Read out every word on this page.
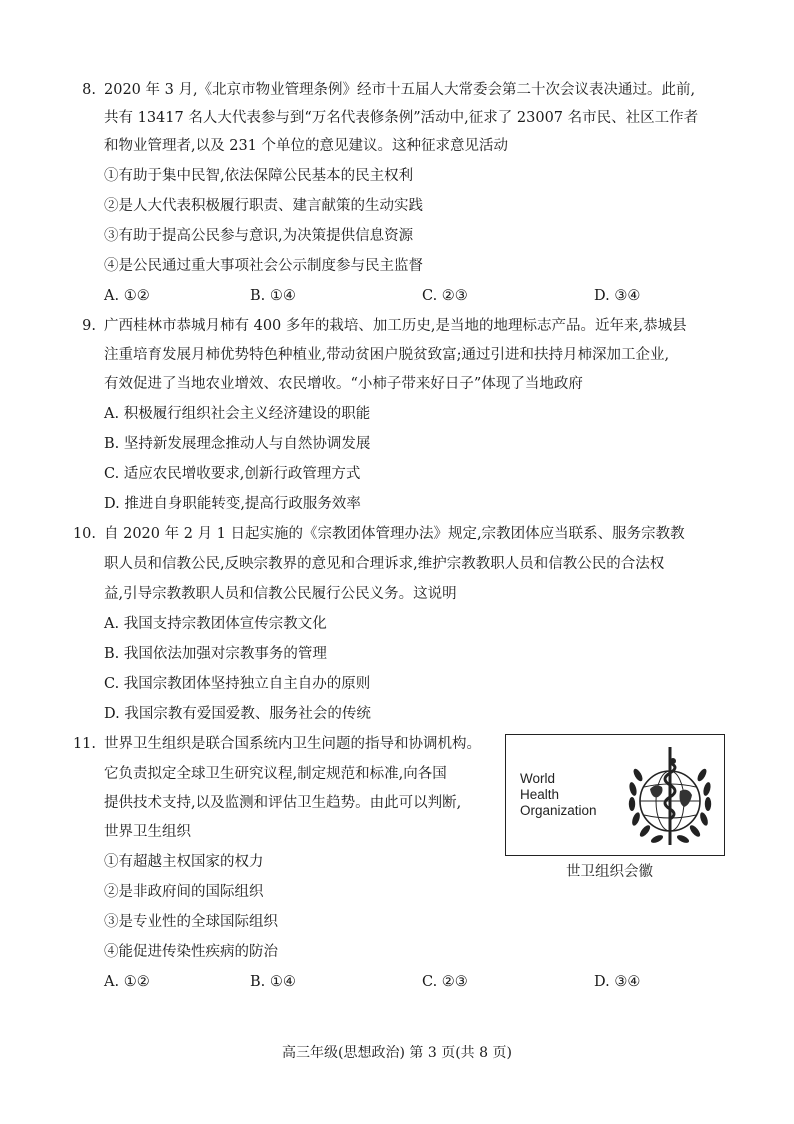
8. 2020 年 3 月,《北京市物业管理条例》经市十五届人大常委会第二十次会议表决通过。此前,
共有 13417 名人大代表参与到“万名代表修条例”活动中,征求了 23007 名市民、社区工作者
和物业管理者,以及 231 个单位的意见建议。这种征求意见活动
①有助于集中民智,依法保障公民基本的民主权利
②是人大代表积极履行职责、建言献策的生动实践
③有助于提高公民参与意识,为决策提供信息资源
④是公民通过重大事项社会公示制度参与民主监督
A. ①②	B. ①④	C. ②③	D. ③④
9. 广西桂林市恭城月柿有 400 多年的栽培、加工历史,是当地的地理标志产品。近年来,恭城县
注重培育发展月柿优势特色种植业,带动贫困户脱贫致富;通过引进和扶持月柿深加工企业,
有效促进了当地农业增效、农民增收。“小柿子带来好日子”体现了当地政府
A. 积极履行组织社会主义经济建设的职能
B. 坚持新发展理念推动人与自然协调发展
C. 适应农民增收要求,创新行政管理方式
D. 推进自身职能转变,提高行政服务效率
10. 自 2020 年 2 月 1 日起实施的《宗教团体管理办法》规定,宗教团体应当联系、服务宗教教
职人员和信教公民,反映宗教界的意见和合理诉求,维护宗教教职人员和信教公民的合法权
益,引导宗教教职人员和信教公民履行公民义务。这说明
A. 我国支持宗教团体宣传宗教文化
B. 我国依法加强对宗教事务的管理
C. 我国宗教团体坚持独立自主自办的原则
D. 我国宗教有爱国爱教、服务社会的传统
11. 世界卫生组织是联合国系统内卫生问题的指导和协调机构。
它负责拟定全球卫生研究议程,制定规范和标准,向各国
提供技术支持,以及监测和评估卫生趋势。由此可以判断,
世界卫生组织
①有超越主权国家的权力
②是非政府间的国际组织
③是专业性的全球国际组织
④能促进传染性疾病的防治
A. ①②	B. ①④	C. ②③	D. ③④
World
Health
Organization
世卫组织会徽
高三年级(思想政治) 第 3 页(共 8 页)
